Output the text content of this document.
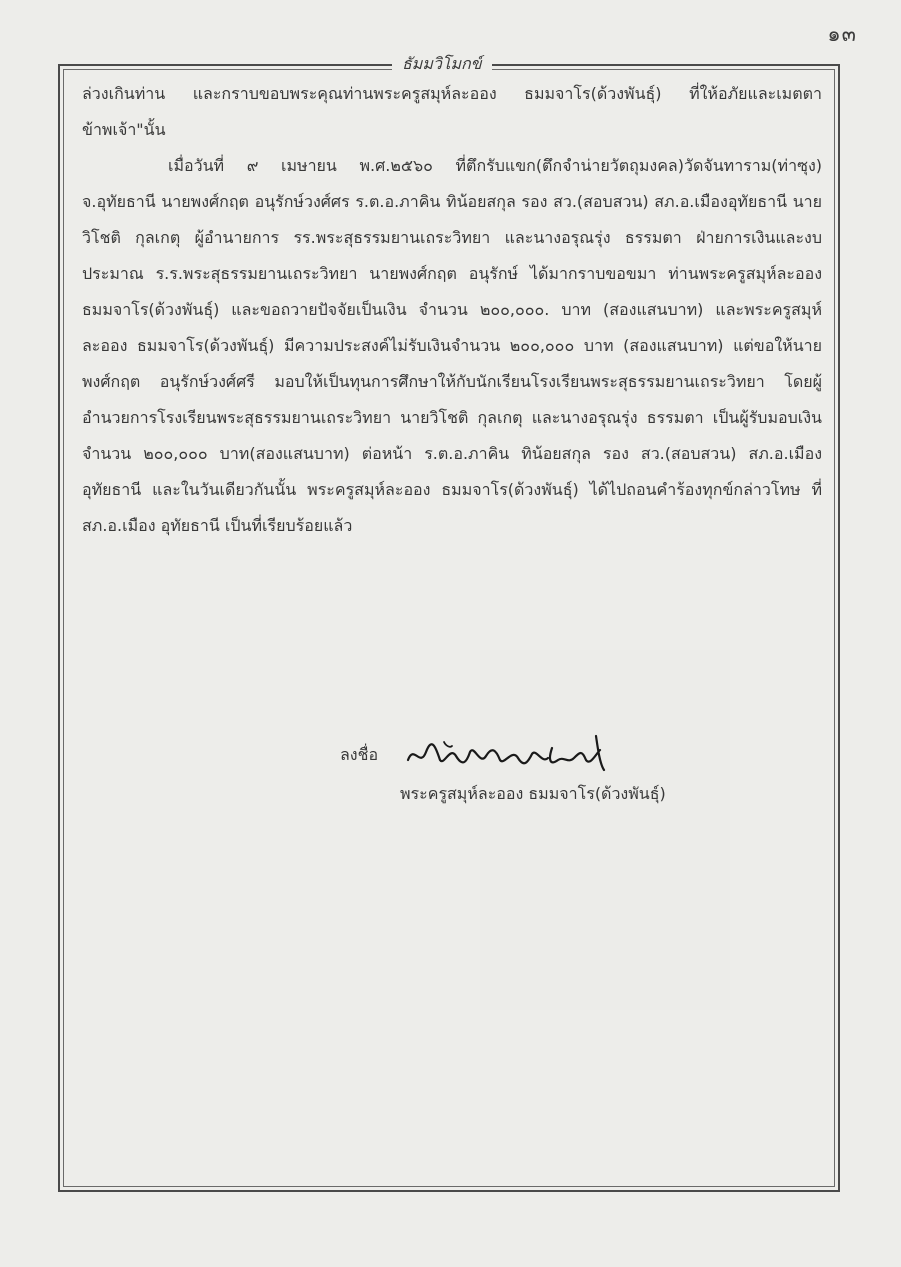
๑๓
ธัมมวิโมกข์

ล่วงเกินท่าน และกราบขอบพระคุณท่านพระครูสมุห์ละออง ธมมจาโร(ด้วงพันธุ์) ที่ให้อภัยและเมตตาข้าพเจ้า"นั้น

เมื่อวันที่ ๙ เมษายน พ.ศ.๒๕๖๐ ที่ตึกรับแขก(ตึกจำน่ายวัตถุมงคล)วัดจันทาราม(ท่าซุง) จ.อุทัยธานี นายพงศ์กฤต อนุรักษ์วงศ์ศร ร.ต.อ.ภาคิน ทิน้อยสกุล รอง สว.(สอบสวน) สภ.อ.เมืองอุทัยธานี นายวิโชติ กุลเกตุ ผู้อำนายการ รร.พระสุธรรมยานเถระวิทยา และนางอรุณรุ่ง ธรรมตา ฝ่ายการเงินและงบประมาณ ร.ร.พระสุธรรมยานเถระวิทยา นายพงศ์กฤต อนุรักษ์ ได้มากราบขอขมา ท่านพระครูสมุห์ละออง ธมมจาโร(ด้วงพันธุ์) และขอถวายปัจจัยเป็นเงิน จำนวน ๒๐๐,๐๐๐. บาท (สองแสนบาท) และพระครูสมุห์ละออง ธมมจาโร(ด้วงพันธุ์) มีความประสงค์ไม่รับเงินจำนวน ๒๐๐,๐๐๐ บาท (สองแสนบาท) แต่ขอให้นายพงศ์กฤต อนุรักษ์วงศ์ศรี มอบให้เป็นทุนการศึกษาให้กับนักเรียนโรงเรียนพระสุธรรมยานเถระวิทยา โดยผู้อำนวยการโรงเรียนพระสุธรรมยานเถระวิทยา นายวิโชติ กุลเกตุ และนางอรุณรุ่ง ธรรมตา เป็นผู้รับมอบเงินจำนวน ๒๐๐,๐๐๐ บาท(สองแสนบาท) ต่อหน้า ร.ต.อ.ภาคิน ทิน้อยสกุล รอง สว.(สอบสวน) สภ.อ.เมืองอุทัยธานี และในวันเดียวกันนั้น พระครูสมุห์ละออง ธมมจาโร(ด้วงพันธุ์) ได้ไปถอนคำร้องทุกข์กล่าวโทษ ที่ สภ.อ.เมือง อุทัยธานี เป็นที่เรียบร้อยแล้ว

ลงชื่อ
พระครูสมุห์ละออง ธมมจาโร(ด้วงพันธุ์)
